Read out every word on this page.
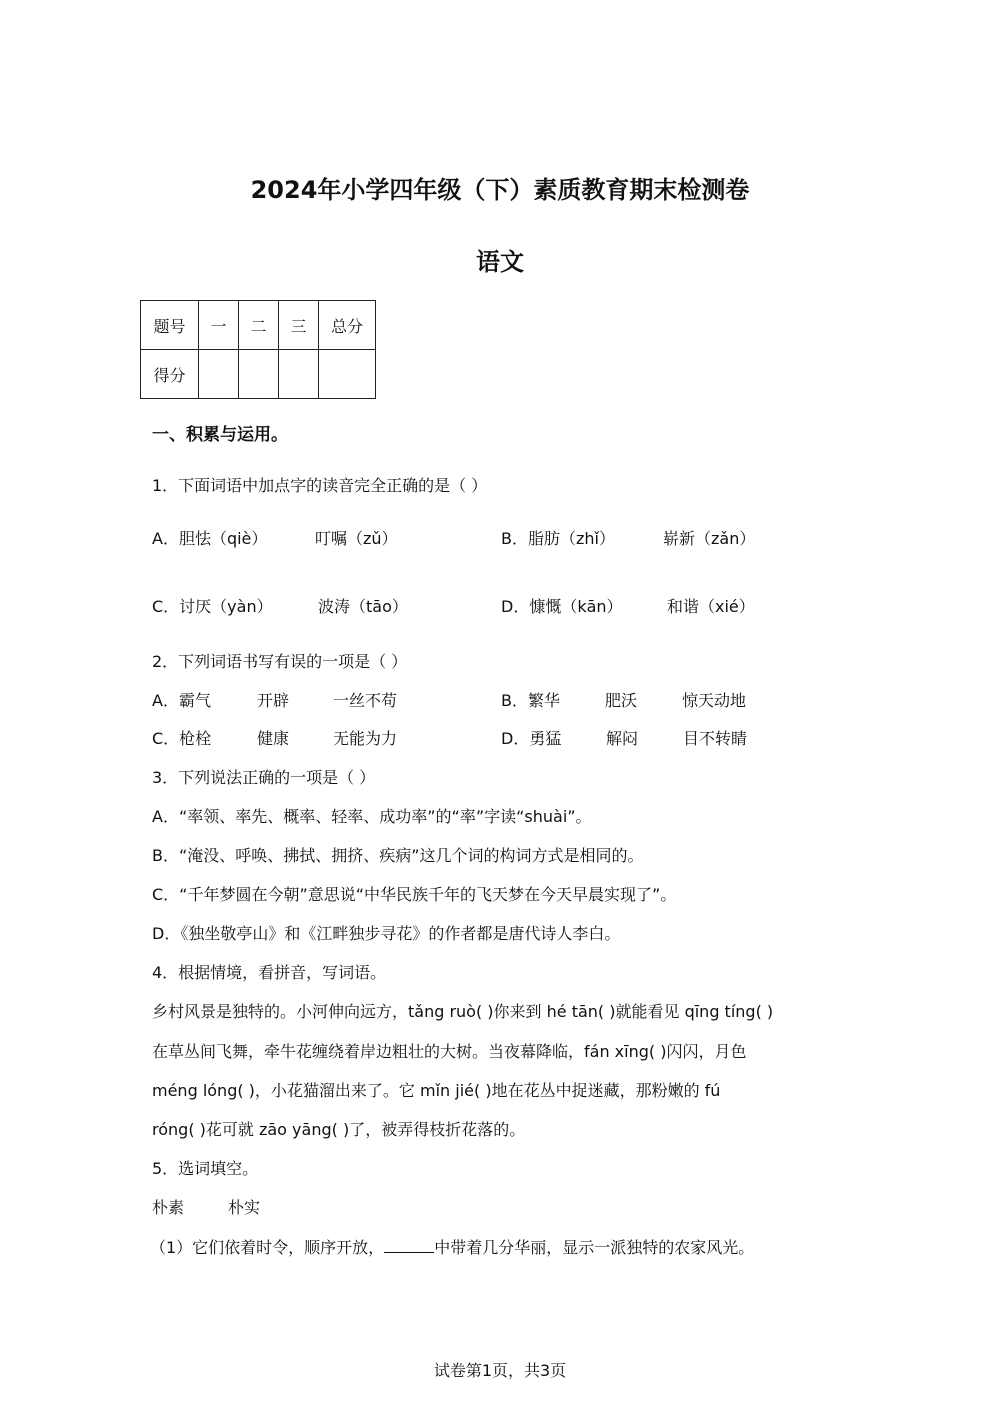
2024年小学四年级（下）素质教育期末检测卷
语文
题号	一	二	三	总分
得分				
一、积累与运用。
1．下面词语中加点字的读音完全正确的是（ ）
A．胆怯（qiè）	叮嘱（zǔ）	B．脂肪（zhǐ）	崭新（zǎn）
C．讨厌（yàn）	波涛（tāo）	D．慷慨（kān）	和谐（xié）
2．下列词语书写有误的一项是（ ）
A．霸气	开辟	一丝不苟	B．繁华	肥沃	惊天动地
C．枪栓	健康	无能为力	D．勇猛	解闷	目不转睛
3．下列说法正确的一项是（ ）
A．“率领、率先、概率、轻率、成功率”的“率”字读“shuài”。
B．“淹没、呼唤、拂拭、拥挤、疾病”这几个词的构词方式是相同的。
C．“千年梦圆在今朝”意思说“中华民族千年的飞天梦在今天早晨实现了”。
D．《独坐敬亭山》和《江畔独步寻花》的作者都是唐代诗人李白。
4．根据情境，看拼音，写词语。
乡村风景是独特的。小河伸向远方，tǎng ruò( )你来到 hé tān( )就能看见 qīng tíng( )
在草丛间飞舞，牵牛花缠绕着岸边粗壮的大树。当夜幕降临，fán xīng( )闪闪，月色
méng lóng( )，小花猫溜出来了。它 mǐn jié( )地在花丛中捉迷藏，那粉嫩的 fú
róng( )花可就 zāo yāng( )了，被弄得枝折花落的。
5．选词填空。
朴素	朴实
（1）它们依着时令，顺序开放，	中带着几分华丽，显示一派独特的农家风光。
试卷第1页，共3页
